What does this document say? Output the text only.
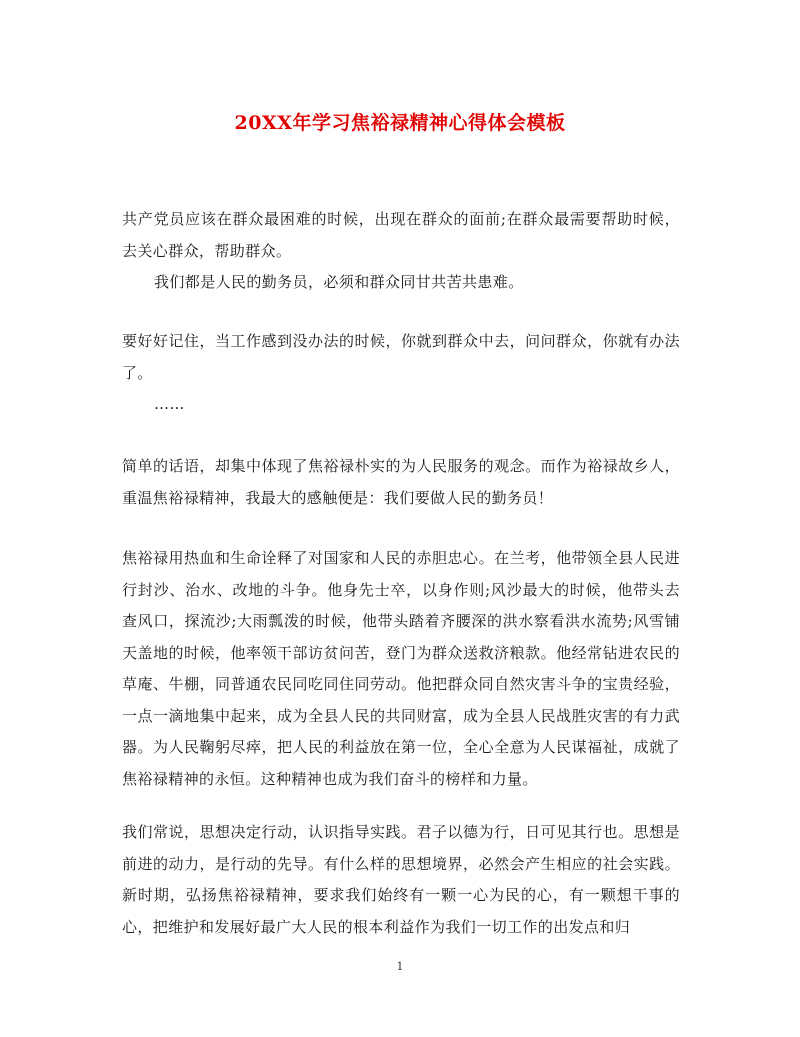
20XX年学习焦裕禄精神心得体会模板
共产党员应该在群众最困难的时候，出现在群众的面前;在群众最需要帮助时候，去关心群众，帮助群众。
我们都是人民的勤务员，必须和群众同甘共苦共患难。
要好好记住，当工作感到没办法的时候，你就到群众中去，问问群众，你就有办法了。
……
简单的话语，却集中体现了焦裕禄朴实的为人民服务的观念。而作为裕禄故乡人，重温焦裕禄精神，我最大的感触便是：我们要做人民的勤务员！
焦裕禄用热血和生命诠释了对国家和人民的赤胆忠心。在兰考，他带领全县人民进行封沙、治水、改地的斗争。他身先士卒，以身作则;风沙最大的时候，他带头去查风口，探流沙;大雨瓢泼的时候，他带头踏着齐腰深的洪水察看洪水流势;风雪铺天盖地的时候，他率领干部访贫问苦，登门为群众送救济粮款。他经常钻进农民的草庵、牛棚，同普通农民同吃同住同劳动。他把群众同自然灾害斗争的宝贵经验，一点一滴地集中起来，成为全县人民的共同财富，成为全县人民战胜灾害的有力武器。为人民鞠躬尽瘁，把人民的利益放在第一位，全心全意为人民谋福祉，成就了焦裕禄精神的永恒。这种精神也成为我们奋斗的榜样和力量。
我们常说，思想决定行动，认识指导实践。君子以德为行，日可见其行也。思想是前进的动力，是行动的先导。有什么样的思想境界，必然会产生相应的社会实践。新时期，弘扬焦裕禄精神，要求我们始终有一颗一心为民的心，有一颗想干事的心，把维护和发展好最广大人民的根本利益作为我们一切工作的出发点和归
1
